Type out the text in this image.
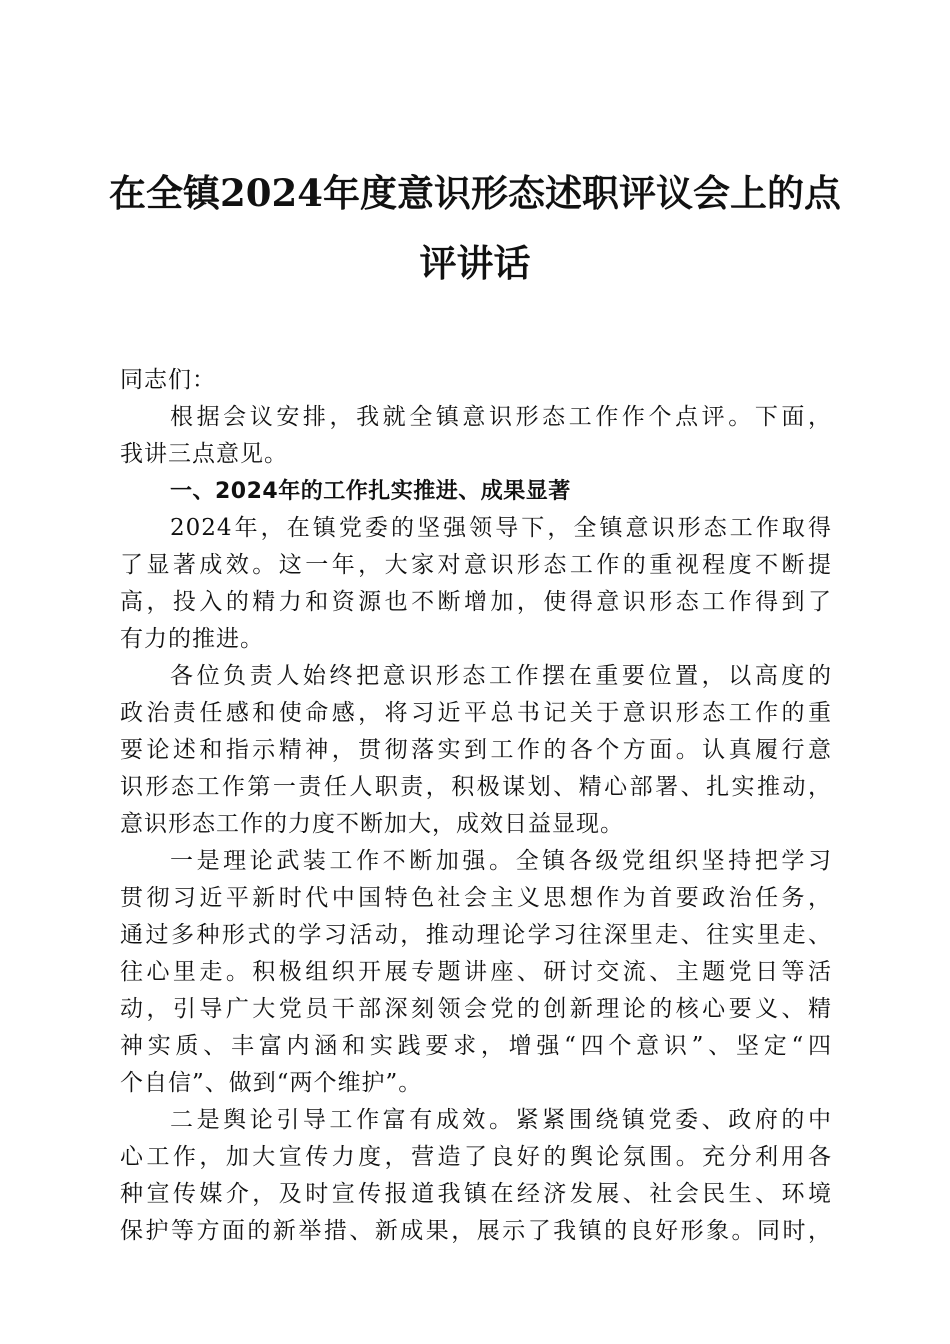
在全镇2024年度意识形态述职评议会上的点
评讲话
同志们：
根据会议安排，我就全镇意识形态工作作个点评。下面，
我讲三点意见。
一、2024年的工作扎实推进、成果显著
2024年，在镇党委的坚强领导下，全镇意识形态工作取得
了显著成效。这一年，大家对意识形态工作的重视程度不断提
高，投入的精力和资源也不断增加，使得意识形态工作得到了
有力的推进。
各位负责人始终把意识形态工作摆在重要位置，以高度的
政治责任感和使命感，将习近平总书记关于意识形态工作的重
要论述和指示精神，贯彻落实到工作的各个方面。认真履行意
识形态工作第一责任人职责，积极谋划、精心部署、扎实推动，
意识形态工作的力度不断加大，成效日益显现。
一是理论武装工作不断加强。全镇各级党组织坚持把学习
贯彻习近平新时代中国特色社会主义思想作为首要政治任务，
通过多种形式的学习活动，推动理论学习往深里走、往实里走、
往心里走。积极组织开展专题讲座、研讨交流、主题党日等活
动，引导广大党员干部深刻领会党的创新理论的核心要义、精
神实质、丰富内涵和实践要求，增强“四个意识”、坚定“四
个自信”、做到“两个维护”。
二是舆论引导工作富有成效。紧紧围绕镇党委、政府的中
心工作，加大宣传力度，营造了良好的舆论氛围。充分利用各
种宣传媒介，及时宣传报道我镇在经济发展、社会民生、环境
保护等方面的新举措、新成果，展示了我镇的良好形象。同时，
